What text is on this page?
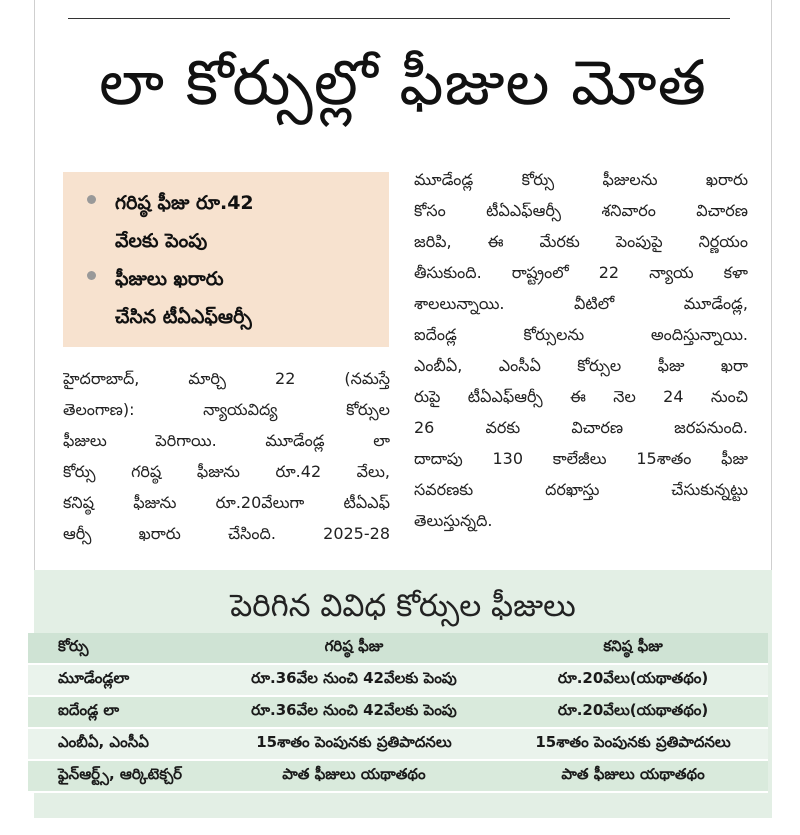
లా కోర్సుల్లో ఫీజుల మోత
గరిష్ఠ ఫీజు రూ.42
వేలకు పెంపు
ఫీజులు ఖరారు
చేసిన టీఏఎఫ్‌ఆర్సీ
హైదరాబాద్, మార్చి 22 (నమస్తే
తెలంగాణ): న్యాయవిద్య కోర్సుల
ఫీజులు పెరిగాయి. మూడేండ్ల లా
కోర్సు గరిష్ఠ ఫీజును రూ.42 వేలు,
కనిష్ఠ ఫీజును రూ.20వేలుగా టీఏఎఫ్
ఆర్సీ ఖరారు చేసింది. 2025-28
మూడేండ్ల కోర్సు ఫీజులను ఖరారు
కోసం టీఏఎఫ్‌ఆర్సీ శనివారం విచారణ
జరిపి, ఈ మేరకు పెంపుపై నిర్ణయం
తీసుకుంది. రాష్ట్రంలో 22 న్యాయ కళా
శాలలున్నాయి. వీటిలో మూడేండ్ల,
ఐదేండ్ల కోర్సులను అందిస్తున్నాయి.
ఎంబీఏ, ఎంసీఏ కోర్సుల ఫీజు ఖరా
రుపై టీఏఎఫ్‌ఆర్సీ ఈ నెల 24 నుంచి
26 వరకు విచారణ జరపనుంది.
దాదాపు 130 కాలేజీలు 15శాతం ఫీజు
సవరణకు దరఖాస్తు చేసుకున్నట్టు
తెలుస్తున్నది.
పెరిగిన వివిధ కోర్సుల ఫీజులు
కోర్సు	గరిష్ఠ ఫీజు	కనిష్ఠ ఫీజు
మూడేండ్లలా	రూ.36వేల నుంచి 42వేలకు పెంపు	రూ.20వేలు(యథాతథం)
ఐదేండ్ల లా	రూ.36వేల నుంచి 42వేలకు పెంపు	రూ.20వేలు(యథాతథం)
ఎంబీఏ, ఎంసీఏ	15శాతం పెంపునకు ప్రతిపాదనలు	15శాతం పెంపునకు ప్రతిపాదనలు
ఫైన్‌ఆర్ట్స్, ఆర్కిటెక్చర్	పాత ఫీజులు యథాతథం	పాత ఫీజులు యథాతథం
